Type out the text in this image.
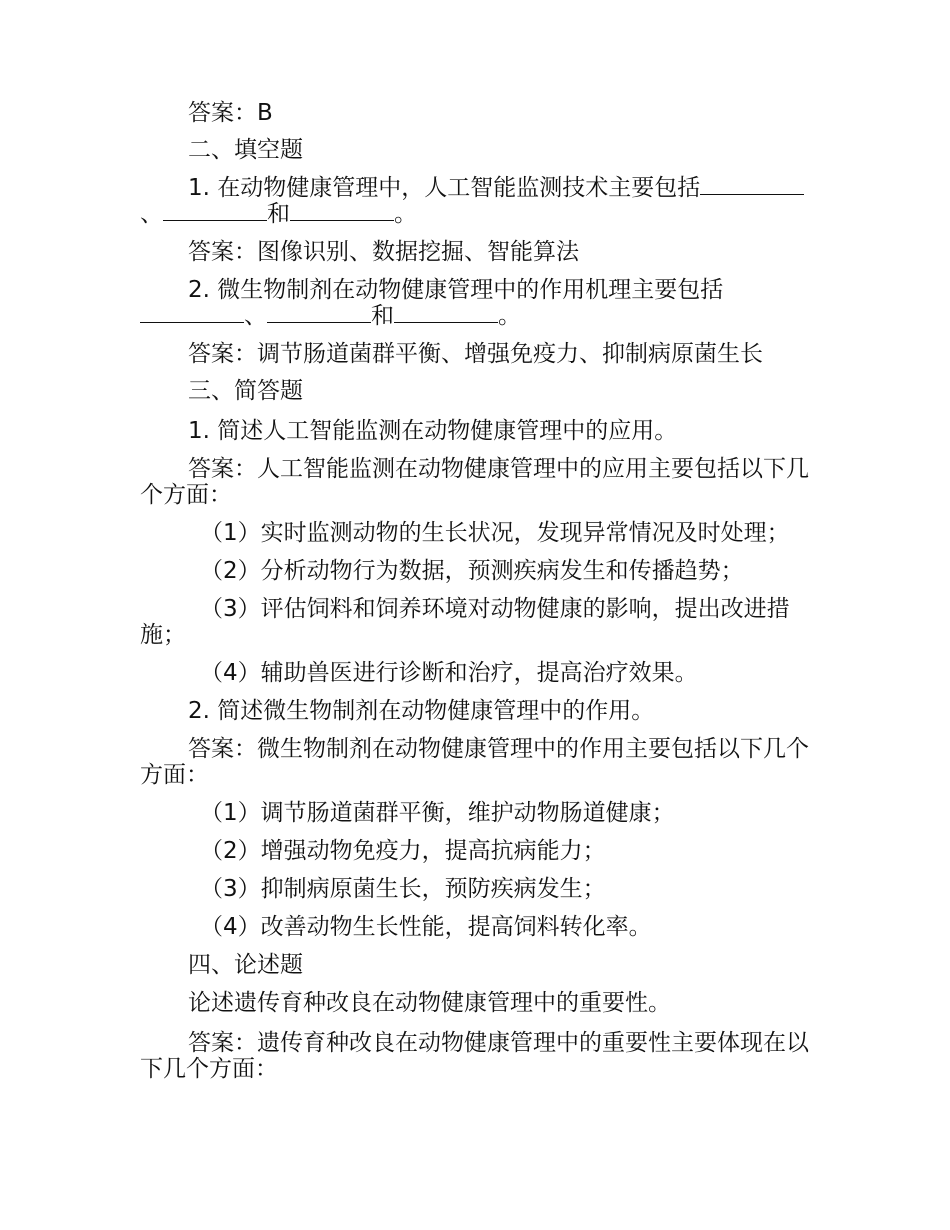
答案：B

二、填空题

1. 在动物健康管理中，人工智能监测技术主要包括、	和	。

答案：图像识别、数据挖掘、智能算法

2. 微生物制剂在动物健康管理中的作用机理主要包括、	和	。

答案：调节肠道菌群平衡、增强免疫力、抑制病原菌生长

三、简答题

1. 简述人工智能监测在动物健康管理中的应用。

答案：人工智能监测在动物健康管理中的应用主要包括以下几个方面：

（1）实时监测动物的生长状况，发现异常情况及时处理；

（2）分析动物行为数据，预测疾病发生和传播趋势；

（3）评估饲料和饲养环境对动物健康的影响，提出改进措施；

（4）辅助兽医进行诊断和治疗，提高治疗效果。

2. 简述微生物制剂在动物健康管理中的作用。

答案：微生物制剂在动物健康管理中的作用主要包括以下几个方面：

（1）调节肠道菌群平衡，维护动物肠道健康；

（2）增强动物免疫力，提高抗病能力；

（3）抑制病原菌生长，预防疾病发生；

（4）改善动物生长性能，提高饲料转化率。

四、论述题

论述遗传育种改良在动物健康管理中的重要性。

答案：遗传育种改良在动物健康管理中的重要性主要体现在以下几个方面：
